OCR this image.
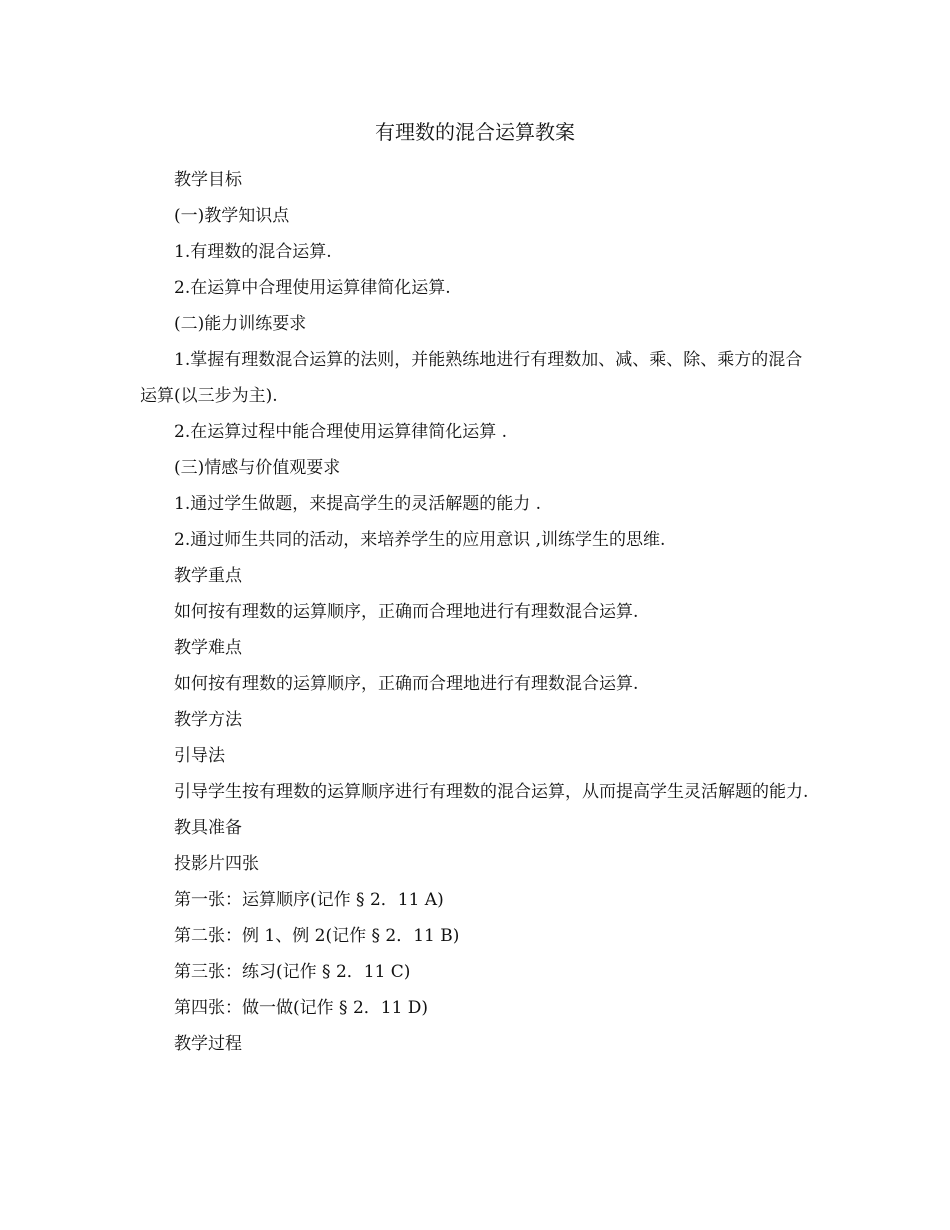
有理数的混合运算教案

教学目标

(一)教学知识点

1.有理数的混合运算.

2.在运算中合理使用运算律简化运算.

(二)能力训练要求

1.掌握有理数混合运算的法则，并能熟练地进行有理数加、减、乘、除、乘方的混合运算(以三步为主).

2.在运算过程中能合理使用运算律简化运算 .

(三)情感与价值观要求

1.通过学生做题，来提高学生的灵活解题的能力 .

2.通过师生共同的活动，来培养学生的应用意识 ,训练学生的思维.

教学重点

如何按有理数的运算顺序，正确而合理地进行有理数混合运算.

教学难点

如何按有理数的运算顺序，正确而合理地进行有理数混合运算.

教学方法

引导法

引导学生按有理数的运算顺序进行有理数的混合运算，从而提高学生灵活解题的能力.

教具准备

投影片四张

第一张：运算顺序(记作 § 2．11 A)

第二张：例 1、例 2(记作 § 2．11 B)

第三张：练习(记作 § 2．11 C)

第四张：做一做(记作 § 2．11 D)

教学过程
